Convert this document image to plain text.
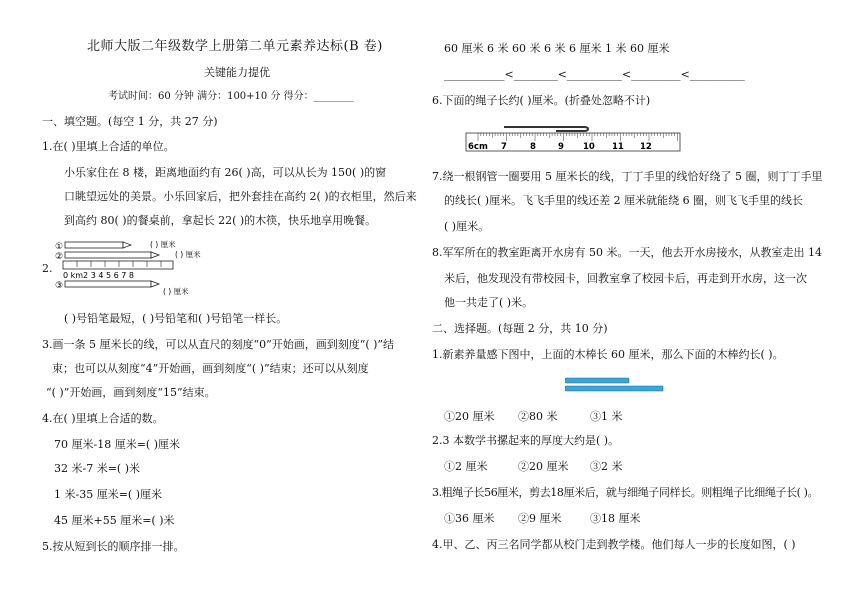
北师大版二年级数学上册第二单元素养达标(B 卷)
关键能力提优
考试时间：60 分钟 满分：100+10 分 得分：________
一、填空题。(每空 1 分，共 27 分)
1.在( )里填上合适的单位。
小乐家住在 8 楼，距离地面约有 26( )高，可以从长为 150( )的窗
口眺望远处的美景。小乐回家后，把外套挂在高约 2( )的衣柜里，然后来
到高约 80( )的餐桌前，拿起长 22( )的木筷，快乐地享用晚餐。
2.
①
②
0 km2 3 4 5 6 7 8
③
( ) 厘米
( ) 厘米
( ) 厘米
( )号铅笔最短，( )号铅笔和( )号铅笔一样长。
3.画一条 5 厘米长的线，可以从直尺的刻度“0”开始画，画到刻度“( )”结
束；也可以从刻度“4”开始画，画到刻度“( )”结束；还可以从刻度
“( )”开始画，画到刻度“15”结束。
4.在( )里填上合适的数。
70 厘米-18 厘米=( )厘米
32 米-7 米=( )米
1 米-35 厘米=( )厘米
45 厘米+55 厘米=( )米
5.按从短到长的顺序排一排。
60 厘米 6 米 60 米 6 米 6 厘米 1 米 60 厘米
___________<________<__________<_________<__________
6.下面的绳子长约( )厘米。(折叠处忽略不计)
6cm 7	8	9 10 11 12
7.绕一根钢管一圈要用 5 厘米长的线，丁丁手里的线恰好绕了 5 圈，则丁丁手里
的线长( )厘米。飞飞手里的线还差 2 厘米就能绕 6 圈，则飞飞手里的线长
( )厘米。
8.军军所在的教室距离开水房有 50 米。一天，他去开水房接水，从教室走出 14
米后，他发现没有带校园卡，回教室拿了校园卡后，再走到开水房，这一次
他一共走了( )米。
二、选择题。(每题 2 分，共 10 分)
1.新素养量感下图中，上面的木棒长 60 厘米，那么下面的木棒约长( )。
①20 厘米 ②80 米	③1 米
2.3 本数学书摞起来的厚度大约是( )。
①2 厘米	②20 厘米 ③2 米
3.粗绳子长56厘米，剪去18厘米后，就与细绳子同样长。则粗绳子比细绳子长( )。
①36 厘米 ②9 厘米	③18 厘米
4.甲、乙、丙三名同学都从校门走到教学楼。他们每人一步的长度如图，( )
